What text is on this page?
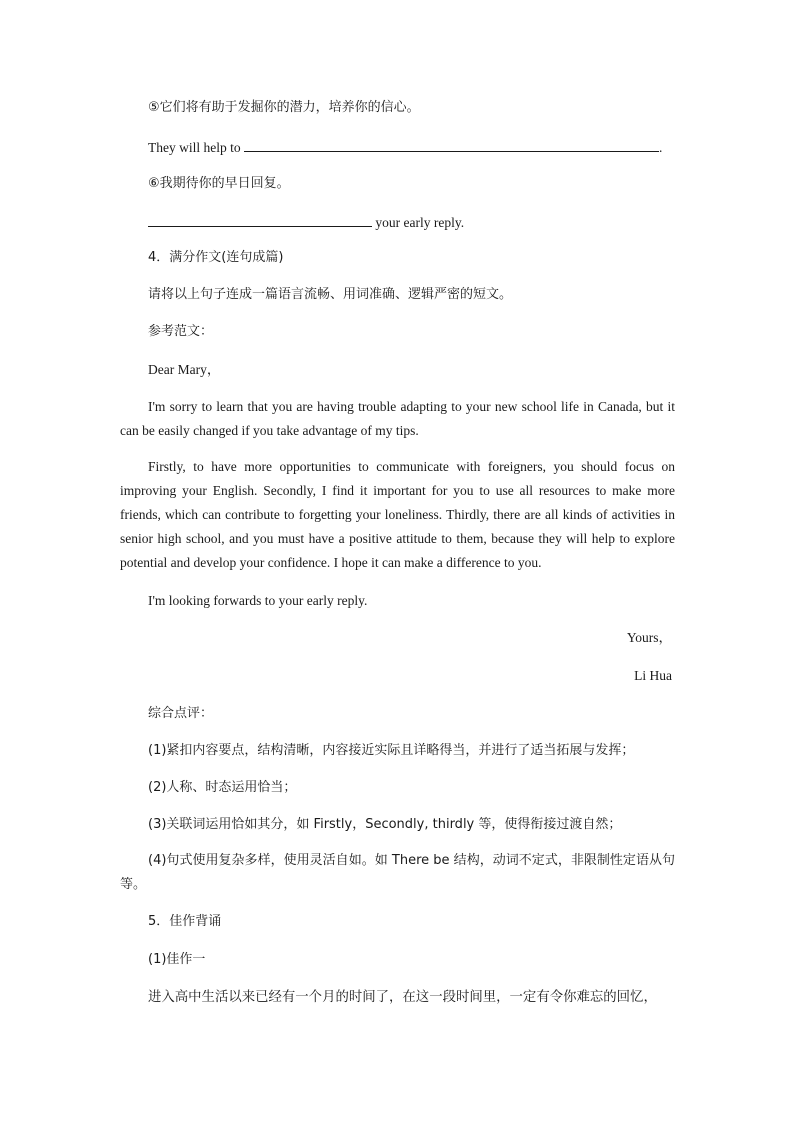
⑤它们将有助于发掘你的潜力，培养你的信心。
They will help to	.
⑥我期待你的早日回复。
your early reply.
4．满分作文(连句成篇)
请将以上句子连成一篇语言流畅、用词准确、逻辑严密的短文。
参考范文：
Dear Mary，
I'm sorry to learn that you are having trouble adapting to your new school life in Canada, but it can be easily changed if you take advantage of my tips.
Firstly, to have more opportunities to communicate with foreigners, you should focus on improving your English. Secondly, I find it important for you to use all resources to make more friends, which can contribute to forgetting your loneliness. Thirdly, there are all kinds of activities in senior high school, and you must have a positive attitude to them, because they will help to explore potential and develop your confidence. I hope it can make a difference to you.
I'm looking forwards to your early reply.
Yours，
Li Hua
综合点评：
(1)紧扣内容要点，结构清晰，内容接近实际且详略得当，并进行了适当拓展与发挥；
(2)人称、时态运用恰当；
(3)关联词运用恰如其分，如 Firstly，Secondly, thirdly 等，使得衔接过渡自然；
(4)句式使用复杂多样，使用灵活自如。如 There be 结构，动词不定式，非限制性定语从句等。
5．佳作背诵
(1)佳作一
进入高中生活以来已经有一个月的时间了，在这一段时间里，一定有令你难忘的回忆，
